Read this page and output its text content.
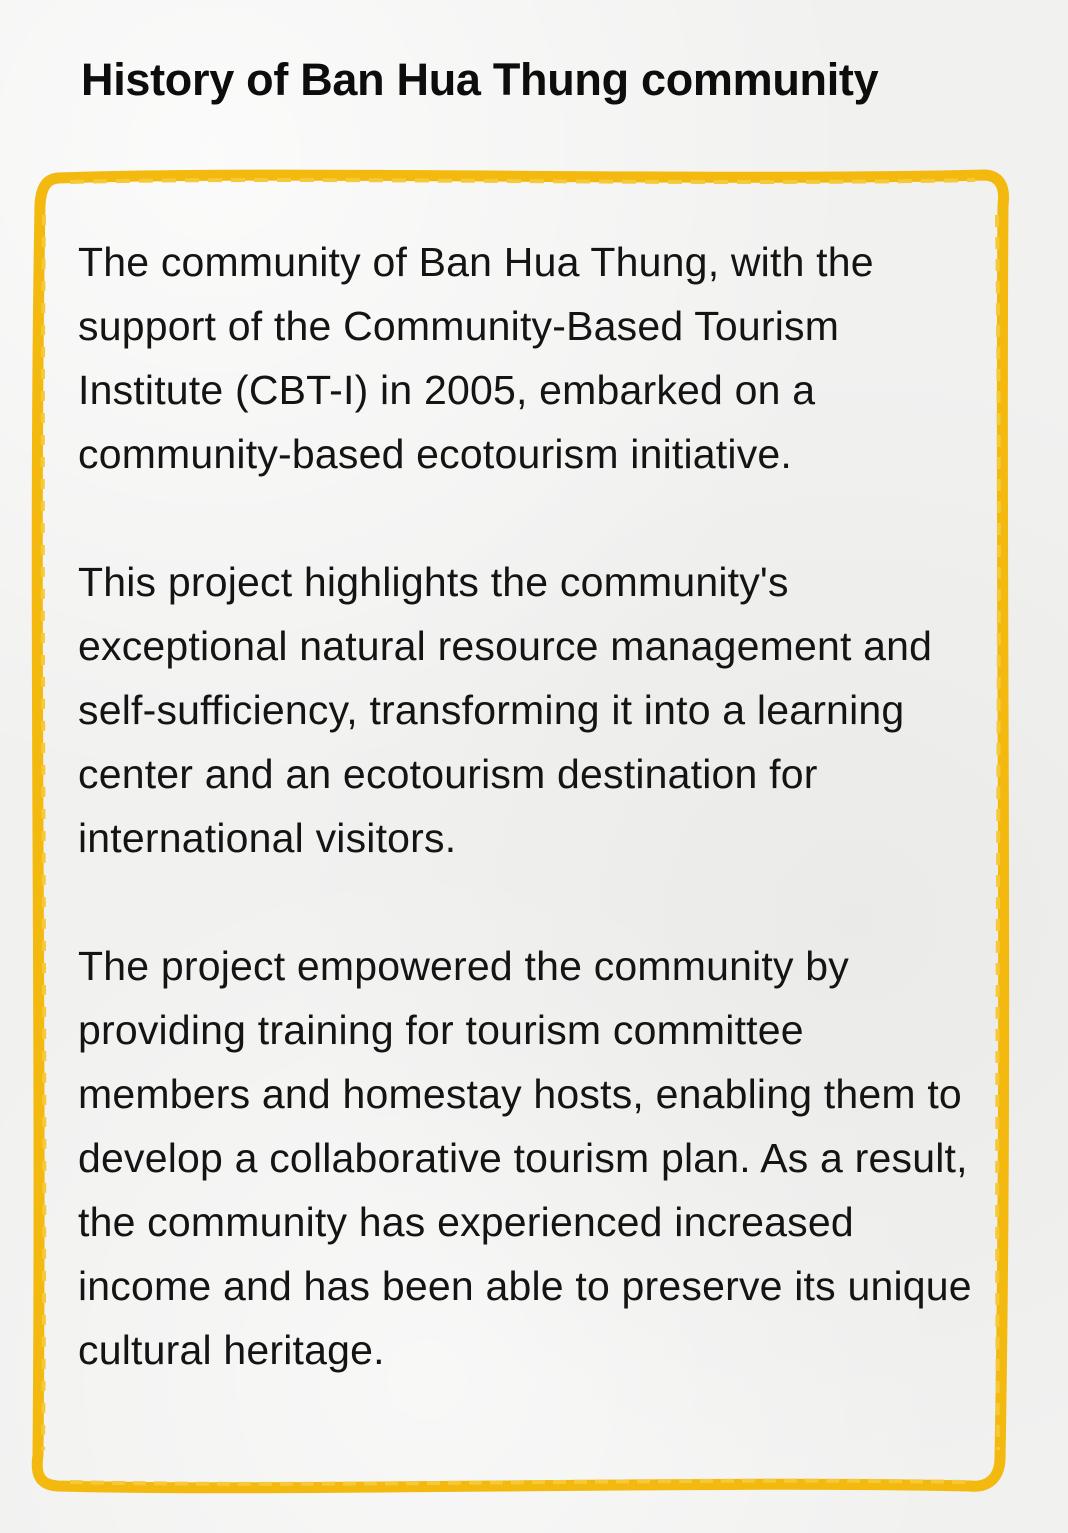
History of Ban Hua Thung community

The community of Ban Hua Thung, with the support of the Community-Based Tourism Institute (CBT-I) in 2005, embarked on a community-based ecotourism initiative.

This project highlights the community's exceptional natural resource management and self-sufficiency, transforming it into a learning center and an ecotourism destination for international visitors.

The project empowered the community by providing training for tourism committee members and homestay hosts, enabling them to develop a collaborative tourism plan. As a result, the community has experienced increased income and has been able to preserve its unique cultural heritage.
